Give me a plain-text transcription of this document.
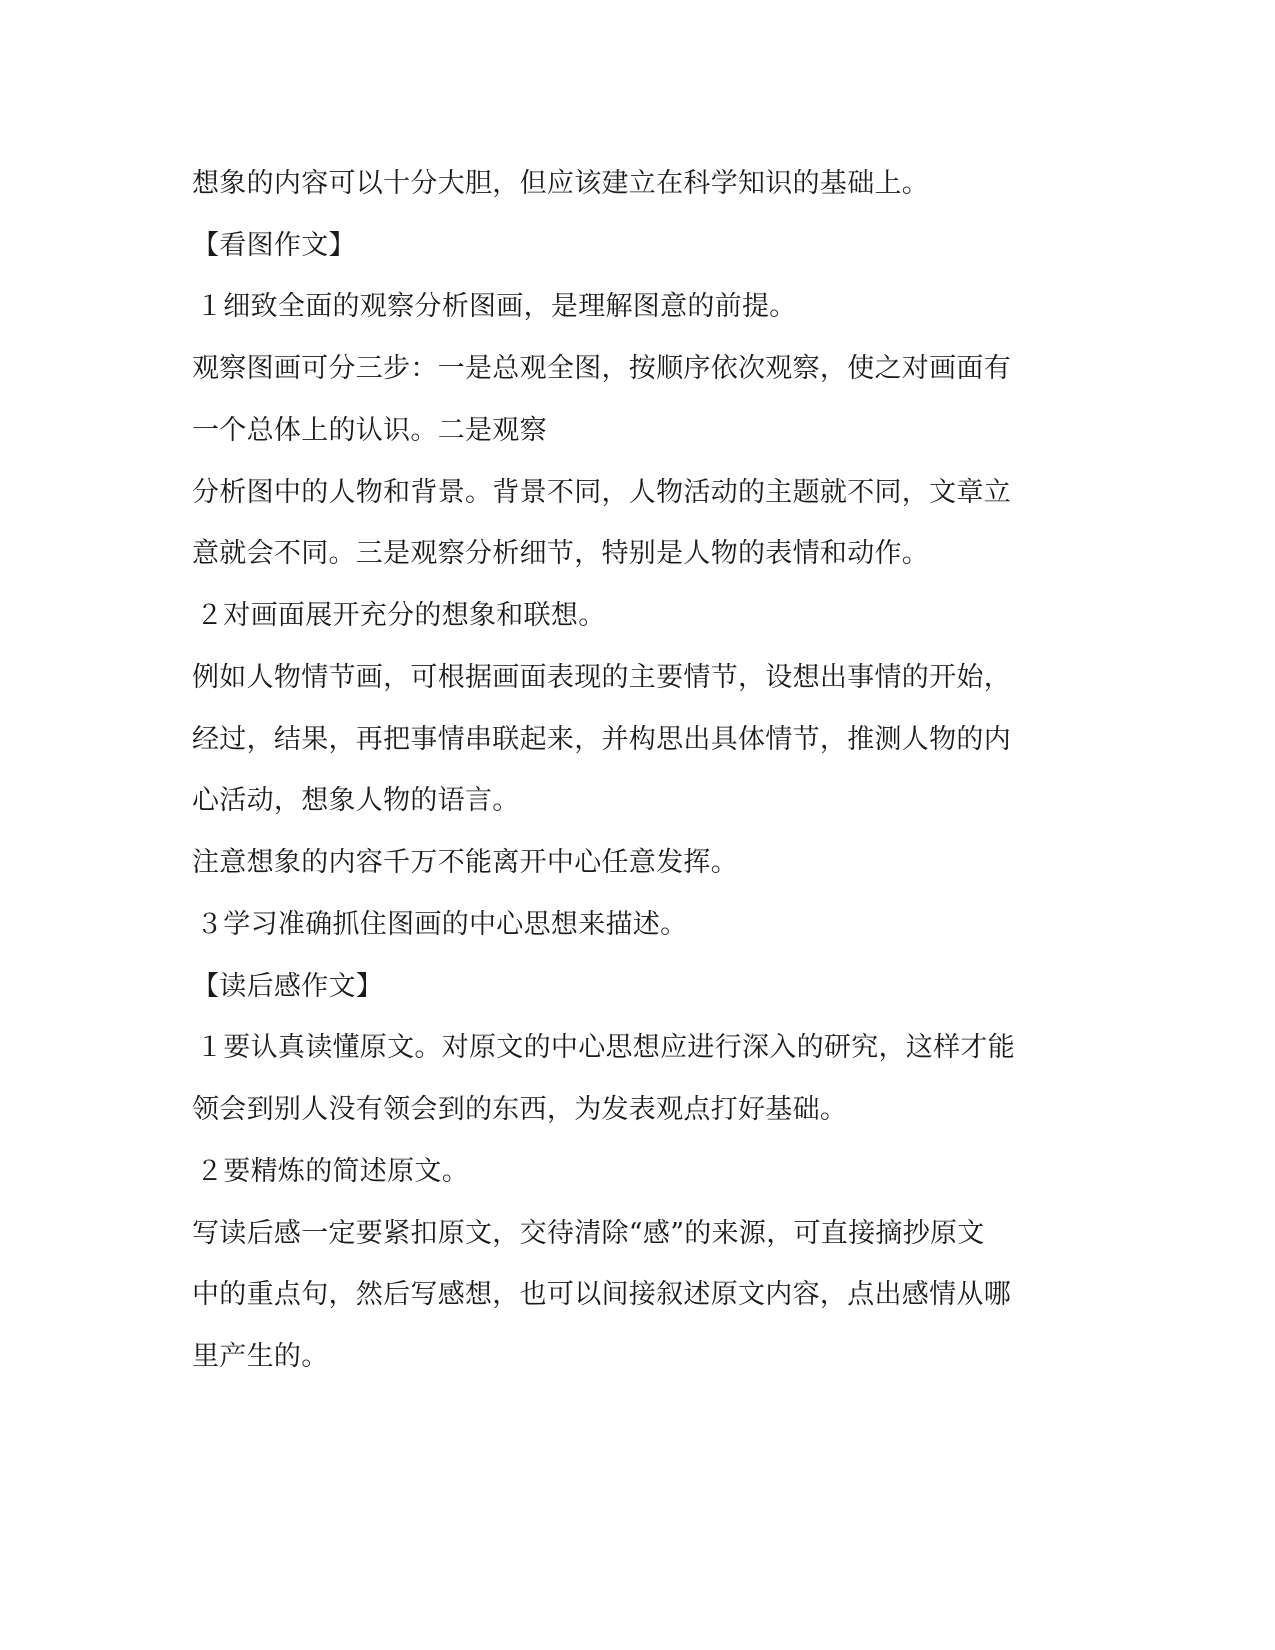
想象的内容可以十分大胆，但应该建立在科学知识的基础上。
【看图作文】
１细致全面的观察分析图画，是理解图意的前提。
观察图画可分三步：一是总观全图，按顺序依次观察，使之对画面有
一个总体上的认识。二是观察
分析图中的人物和背景。背景不同，人物活动的主题就不同，文章立
意就会不同。三是观察分析细节，特别是人物的表情和动作。
２对画面展开充分的想象和联想。
例如人物情节画，可根据画面表现的主要情节，设想出事情的开始，
经过，结果，再把事情串联起来，并构思出具体情节，推测人物的内
心活动，想象人物的语言。
注意想象的内容千万不能离开中心任意发挥。
３学习准确抓住图画的中心思想来描述。
【读后感作文】
１要认真读懂原文。对原文的中心思想应进行深入的研究，这样才能
领会到别人没有领会到的东西，为发表观点打好基础。
２要精炼的简述原文。
写读后感一定要紧扣原文，交待清除“感”的来源，可直接摘抄原文
中的重点句，然后写感想，也可以间接叙述原文内容，点出感情从哪
里产生的。
